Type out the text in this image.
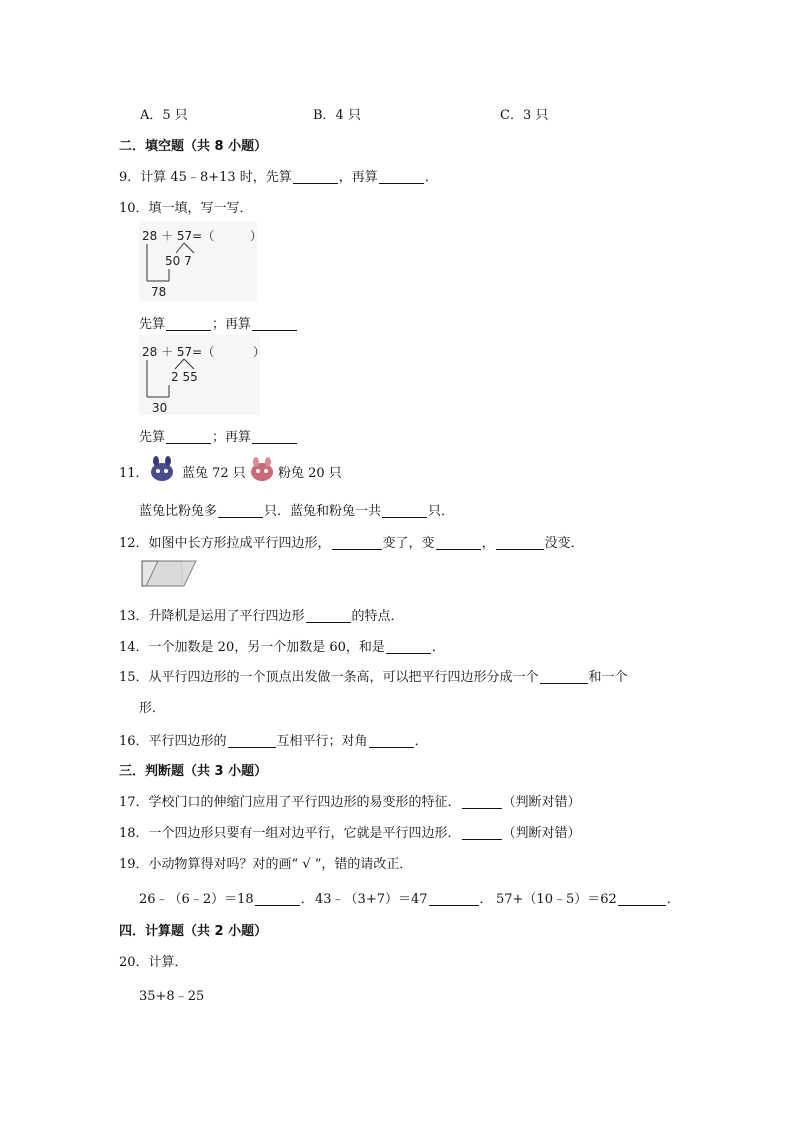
A．5 只	B．4 只	C．3 只
二．填空题（共 8 小题）
9．计算 45﹣8+13 时，先算	，再算	．
10．填一填，写一写．
28 ＋ 57=（	）
50 7
78
先算	；再算
28 ＋ 57=（	）
2 55
30
先算	；再算
11．	蓝兔 72 只 粉兔 20 只
蓝兔比粉兔多	只．蓝兔和粉兔一共	只．
12．如图中长方形拉成平行四边形，	变了，变	，	没变．
13．升降机是运用了平行四边形	的特点．
14．一个加数是 20，另一个加数是 60，和是	．
15．从平行四边形的一个顶点出发做一条高，可以把平行四边形分成一个	和一个
形．
16．平行四边形的	互相平行；对角	．
三．判断题（共 3 小题）
17．学校门口的伸缩门应用了平行四边形的易变形的特征．	（判断对错）
18．一个四边形只要有一组对边平行，它就是平行四边形．	（判断对错）
19．小动物算得对吗？对的画“ √ ”，错的请改正．
26﹣（6﹣2）＝18	． 43﹣（3+7）＝47	． 57+（10﹣5）＝62	．
四．计算题（共 2 小题）
20．计算．
35+8﹣25
